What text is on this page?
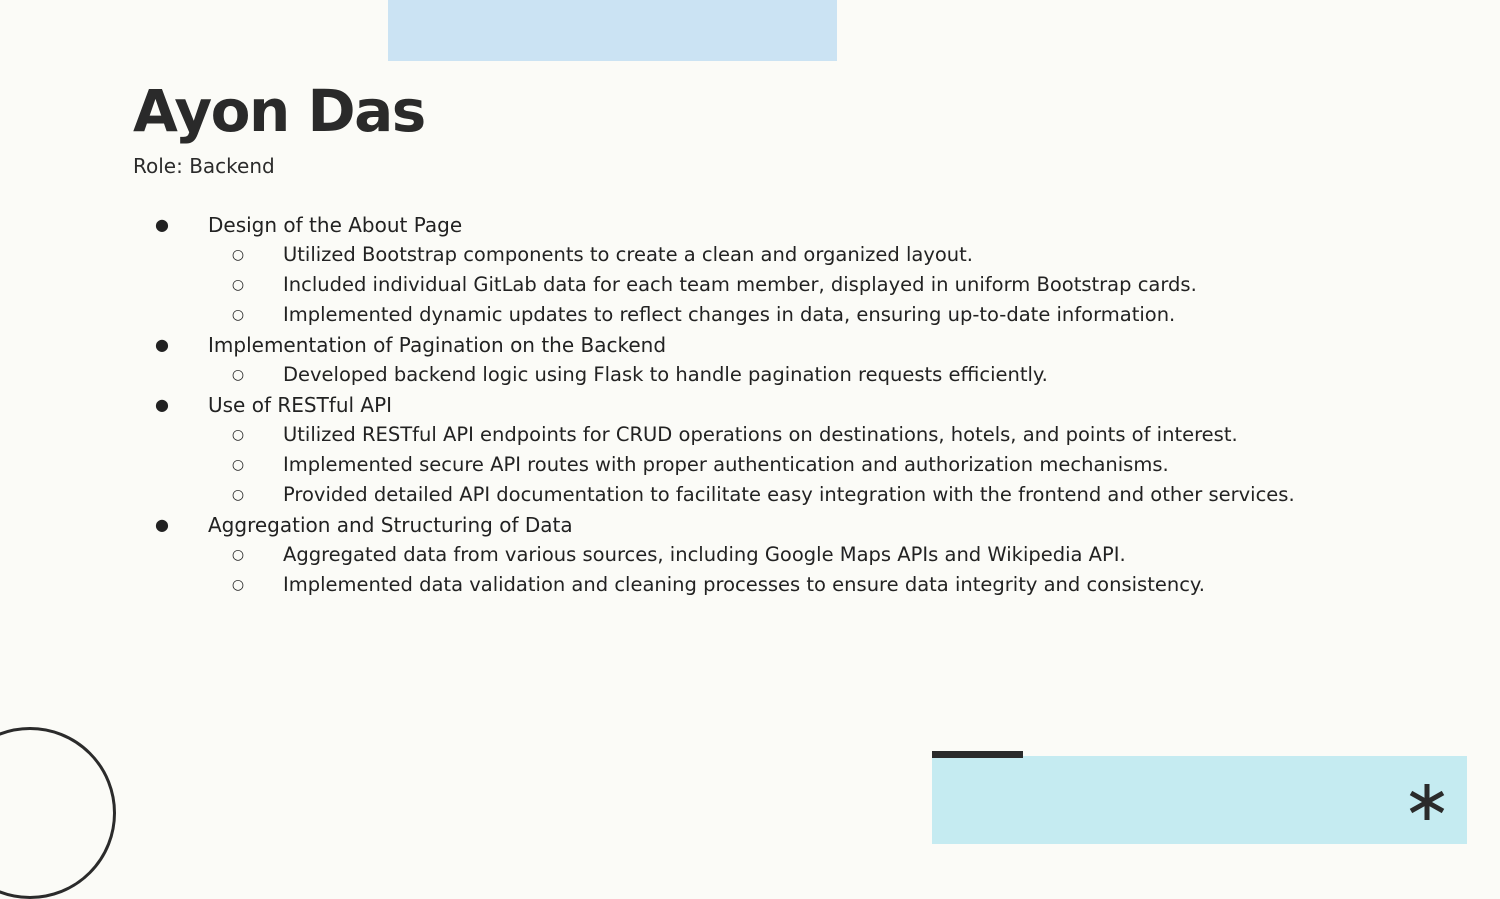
Ayon Das
Role: Backend
● Design of the About Page
○ Utilized Bootstrap components to create a clean and organized layout.
○ Included individual GitLab data for each team member, displayed in uniform Bootstrap cards.
○ Implemented dynamic updates to reflect changes in data, ensuring up-to-date information.
● Implementation of Pagination on the Backend
○ Developed backend logic using Flask to handle pagination requests efficiently.
● Use of RESTful API
○ Utilized RESTful API endpoints for CRUD operations on destinations, hotels, and points of interest.
○ Implemented secure API routes with proper authentication and authorization mechanisms.
○ Provided detailed API documentation to facilitate easy integration with the frontend and other services.
● Aggregation and Structuring of Data
○ Aggregated data from various sources, including Google Maps APIs and Wikipedia API.
○ Implemented data validation and cleaning processes to ensure data integrity and consistency.
